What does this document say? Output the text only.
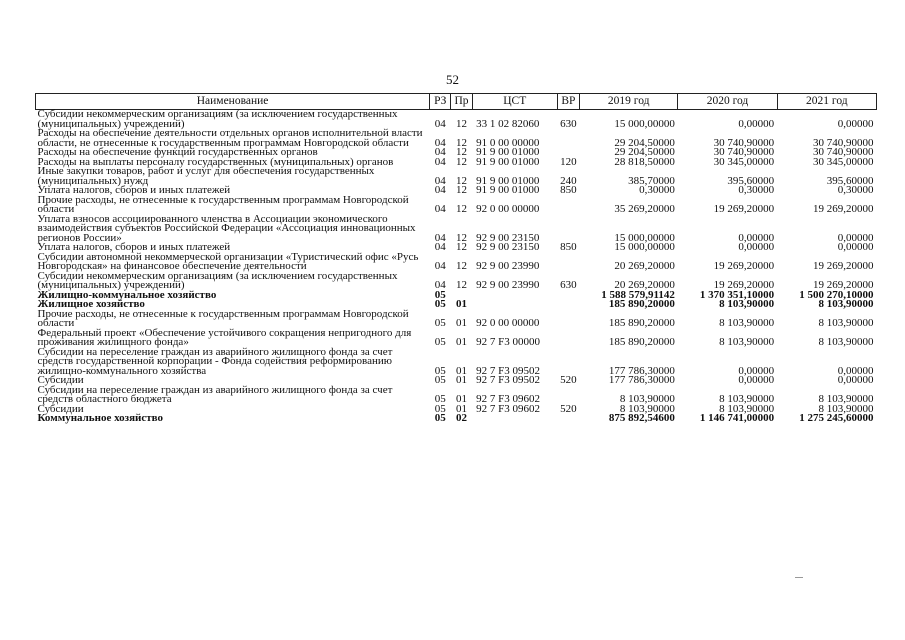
52
Наименование	РЗ	Пр	ЦСТ	ВР	2019 год	2020 год	2021 год
Субсидии некоммерческим организациям (за исключением государственных (муниципальных) учреждений)	04	12	33 1 02 82060	630	15 000,00000	0,00000	0,00000
Расходы на обеспечение деятельности отдельных органов исполнительной власти области, не отнесенные к государственным программам Новгородской области	04	12	91 0 00 00000		29 204,50000	30 740,90000	30 740,90000
Расходы на обеспечение функций государственных органов	04	12	91 9 00 01000		29 204,50000	30 740,90000	30 740,90000
Расходы на выплаты персоналу государственных (муниципальных) органов	04	12	91 9 00 01000	120	28 818,50000	30 345,00000	30 345,00000
Иные закупки товаров, работ и услуг для обеспечения государственных (муниципальных) нужд	04	12	91 9 00 01000	240	385,70000	395,60000	395,60000
Уплата налогов, сборов и иных платежей	04	12	91 9 00 01000	850	0,30000	0,30000	0,30000
Прочие расходы, не отнесенные к государственным программам Новгородской области	04	12	92 0 00 00000		35 269,20000	19 269,20000	19 269,20000
Уплата взносов ассоциированного членства в Ассоциации экономического взаимодействия субъектов Российской Федерации «Ассоциация инновационных регионов России»	04	12	92 9 00 23150		15 000,00000	0,00000	0,00000
Уплата налогов, сборов и иных платежей	04	12	92 9 00 23150	850	15 000,00000	0,00000	0,00000
Субсидии автономной некоммерческой организации «Туристический офис «Русь Новгородская» на финансовое обеспечение деятельности	04	12	92 9 00 23990		20 269,20000	19 269,20000	19 269,20000
Субсидии некоммерческим организациям (за исключением государственных (муниципальных) учреждений)	04	12	92 9 00 23990	630	20 269,20000	19 269,20000	19 269,20000
Жилищно-коммунальное хозяйство	05				1 588 579,91142	1 370 351,10000	1 500 270,10000
Жилищное хозяйство	05	01			185 890,20000	8 103,90000	8 103,90000
Прочие расходы, не отнесенные к государственным программам Новгородской области	05	01	92 0 00 00000		185 890,20000	8 103,90000	8 103,90000
Федеральный проект «Обеспечение устойчивого сокращения непригодного для проживания жилищного фонда»	05	01	92 7 F3 00000		185 890,20000	8 103,90000	8 103,90000
Субсидии на переселение граждан из аварийного жилищного фонда за счет средств государственной корпорации - Фонда содействия реформированию жилищно-коммунального хозяйства	05	01	92 7 F3 09502		177 786,30000	0,00000	0,00000
Субсидии	05	01	92 7 F3 09502	520	177 786,30000	0,00000	0,00000
Субсидии на переселение граждан из аварийного жилищного фонда за счет средств областного бюджета	05	01	92 7 F3 09602		8 103,90000	8 103,90000	8 103,90000
Субсидии	05	01	92 7 F3 09602	520	8 103,90000	8 103,90000	8 103,90000
Коммунальное хозяйство	05	02			875 892,54600	1 146 741,00000	1 275 245,60000
